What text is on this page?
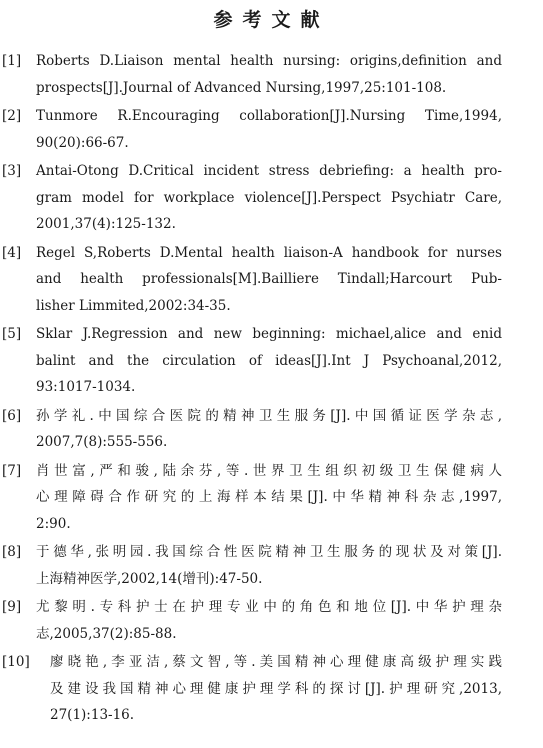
参考文献
[1] Roberts D.Liaison mental health nursing: origins,definition and
prospects[J].Journal of Advanced Nursing,1997,25:101-108.
[2] Tunmore R.Encouraging collaboration[J].Nursing Time,1994,
90(20):66-67.
[3] Antai-Otong D.Critical incident stress debriefing: a health pro-
gram model for workplace violence[J].Perspect Psychiatr Care,
2001,37(4):125-132.
[4] Regel S,Roberts D.Mental health liaison-A handbook for nurses
and health professionals[M].Bailliere Tindall;Harcourt Pub-
lisher Limmited,2002:34-35.
[5] Sklar J.Regression and new beginning: michael,alice and enid
balint and the circulation of ideas[J].Int J Psychoanal,2012,
93:1017-1034.
[6] 孙学礼.中国综合医院的精神卫生服务[J].中国循证医学杂志,
2007,7(8):555-556.
[7] 肖世富,严和骏,陆余芬,等.世界卫生组织初级卫生保健病人
心理障碍合作研究的上海样本结果[J].中华精神科杂志,1997,
2:90.
[8] 于德华,张明园.我国综合性医院精神卫生服务的现状及对策[J].
上海精神医学,2002,14(增刊):47-50.
[9] 尤黎明.专科护士在护理专业中的角色和地位[J].中华护理杂
志,2005,37(2):85-88.
[10] 廖晓艳,李亚洁,蔡文智,等.美国精神心理健康高级护理实践
及建设我国精神心理健康护理学科的探讨[J].护理研究,2013,
27(1):13-16.
